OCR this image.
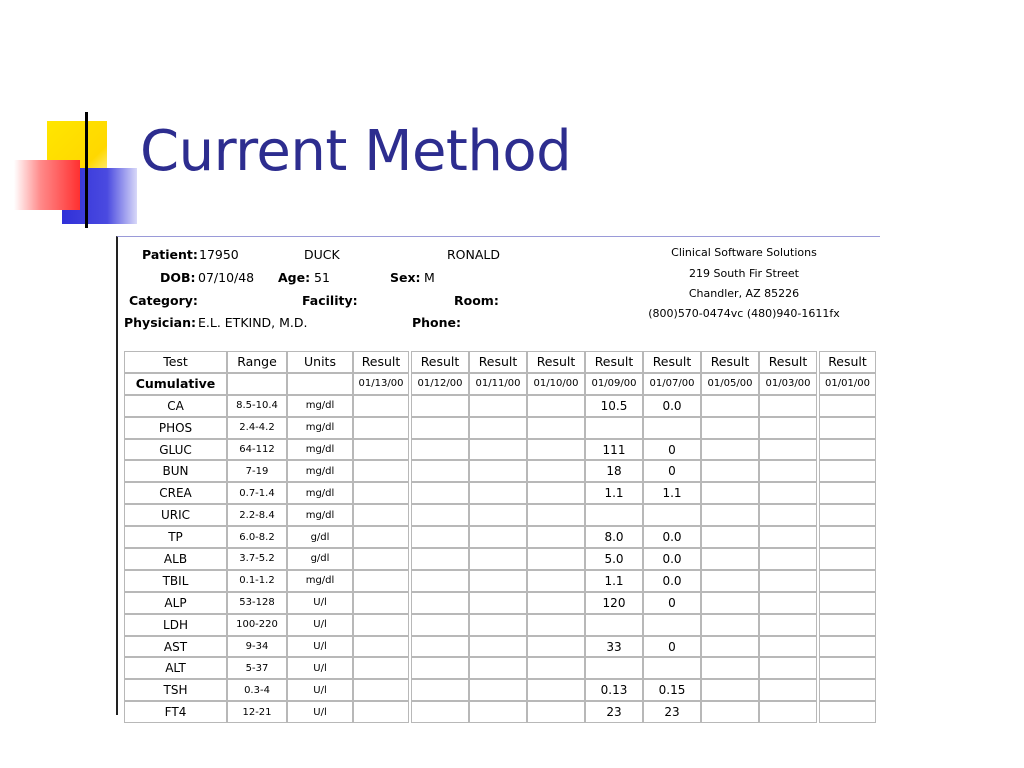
Current Method
Patient: 17950	DUCK	RONALD
DOB: 07/10/48 Age: 51	Sex: M
Category:	Facility:	Room:
Physician: E.L. ETKIND, M.D.	Phone:
Clinical Software Solutions
219 South Fir Street
Chandler, AZ 85226
(800)570-0474vc (480)940-1611fx
Test	Range	Units	Result		Result	Result	Result	Result	Result	Result	Result		Result
Cumulative			01/13/00		01/12/00	01/11/00	01/10/00	01/09/00	01/07/00	01/05/00	01/03/00		01/01/00
CA	8.5-10.4	mg/dl						10.5	0.0				
PHOS	2.4-4.2	mg/dl											
GLUC	64-112	mg/dl						111	0				
BUN	7-19	mg/dl						18	0				
CREA	0.7-1.4	mg/dl						1.1	1.1				
URIC	2.2-8.4	mg/dl											
TP	6.0-8.2	g/dl						8.0	0.0				
ALB	3.7-5.2	g/dl						5.0	0.0				
TBIL	0.1-1.2	mg/dl						1.1	0.0				
ALP	53-128	U/l						120	0				
LDH	100-220	U/l											
AST	9-34	U/l						33	0				
ALT	5-37	U/l											
TSH	0.3-4	U/l						0.13	0.15				
FT4	12-21	U/l						23	23				
